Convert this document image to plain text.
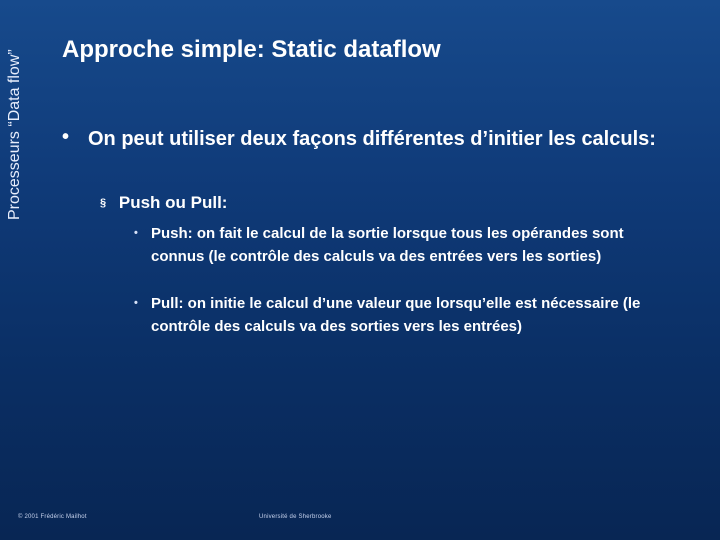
Processeurs “Data flow” Approche simple: Static dataflow
• On peut utiliser deux façons différentes d’initier les calculs:
§ Push ou Pull:
• Push: on fait le calcul de la sortie lorsque tous les opérandes sont connus (le contrôle des calculs va des entrées vers les sorties)
• Pull: on initie le calcul d’une valeur que lorsqu’elle est nécessaire (le contrôle des calculs va des sorties vers les entrées)
© 2001 Frédéric Mailhot	Université de Sherbrooke
